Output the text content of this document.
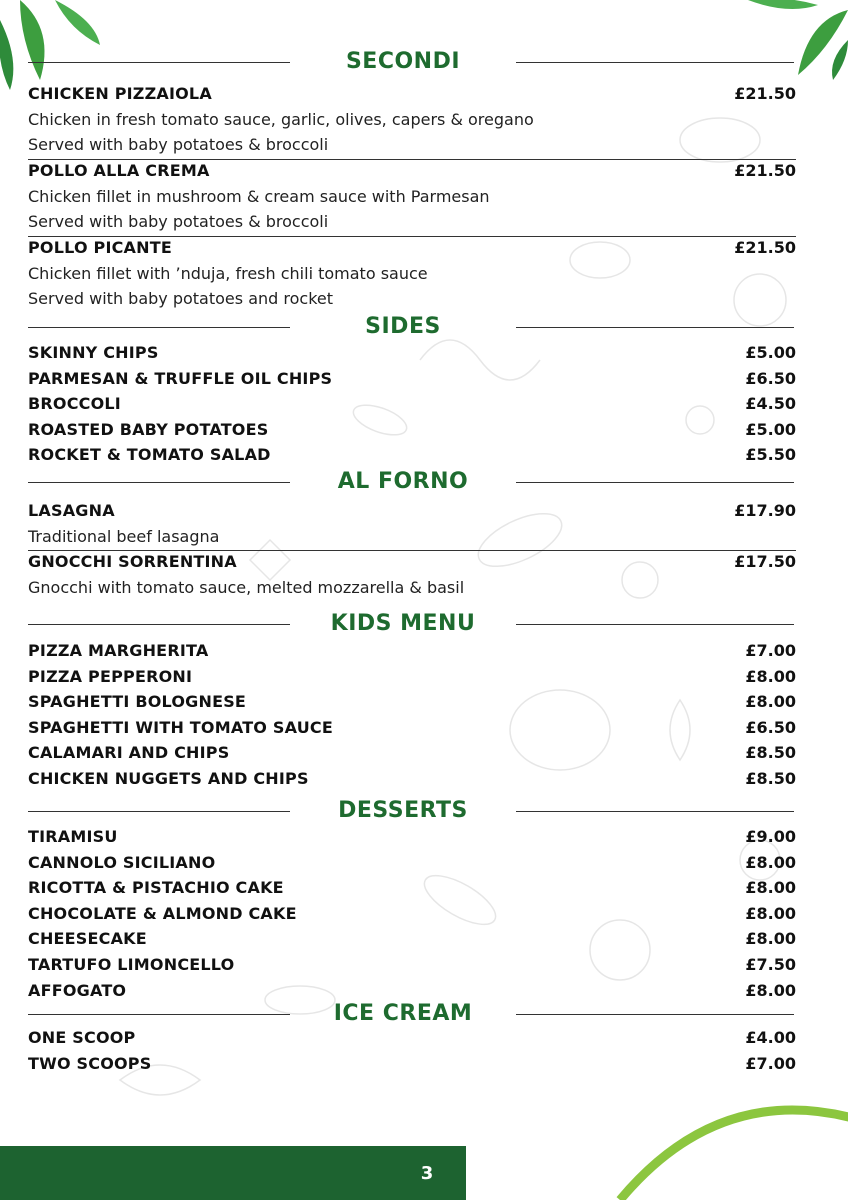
SECONDI
CHICKEN PIZZAIOLA	£21.50
Chicken in fresh tomato sauce, garlic, olives, capers & oregano
Served with baby potatoes & broccoli
POLLO ALLA CREMA	£21.50
Chicken fillet in mushroom & cream sauce with Parmesan
Served with baby potatoes & broccoli
POLLO PICANTE	£21.50
Chicken fillet with ’nduja, fresh chili tomato sauce
Served with baby potatoes and rocket
SIDES
SKINNY CHIPS	£5.00
PARMESAN & TRUFFLE OIL CHIPS	£6.50
BROCCOLI	£4.50
ROASTED BABY POTATOES	£5.00
ROCKET & TOMATO SALAD	£5.50
AL FORNO
LASAGNA	£17.90
Traditional beef lasagna
GNOCCHI SORRENTINA	£17.50
Gnocchi with tomato sauce, melted mozzarella & basil
KIDS MENU
PIZZA MARGHERITA	£7.00
PIZZA PEPPERONI	£8.00
SPAGHETTI BOLOGNESE	£8.00
SPAGHETTI WITH TOMATO SAUCE	£6.50
CALAMARI AND CHIPS	£8.50
CHICKEN NUGGETS AND CHIPS	£8.50
DESSERTS
TIRAMISU	£9.00
CANNOLO SICILIANO	£8.00
RICOTTA & PISTACHIO CAKE	£8.00
CHOCOLATE & ALMOND CAKE	£8.00
CHEESECAKE	£8.00
TARTUFO LIMONCELLO	£7.50
AFFOGATO	£8.00
ICE CREAM
ONE SCOOP	£4.00
TWO SCOOPS	£7.00
3
